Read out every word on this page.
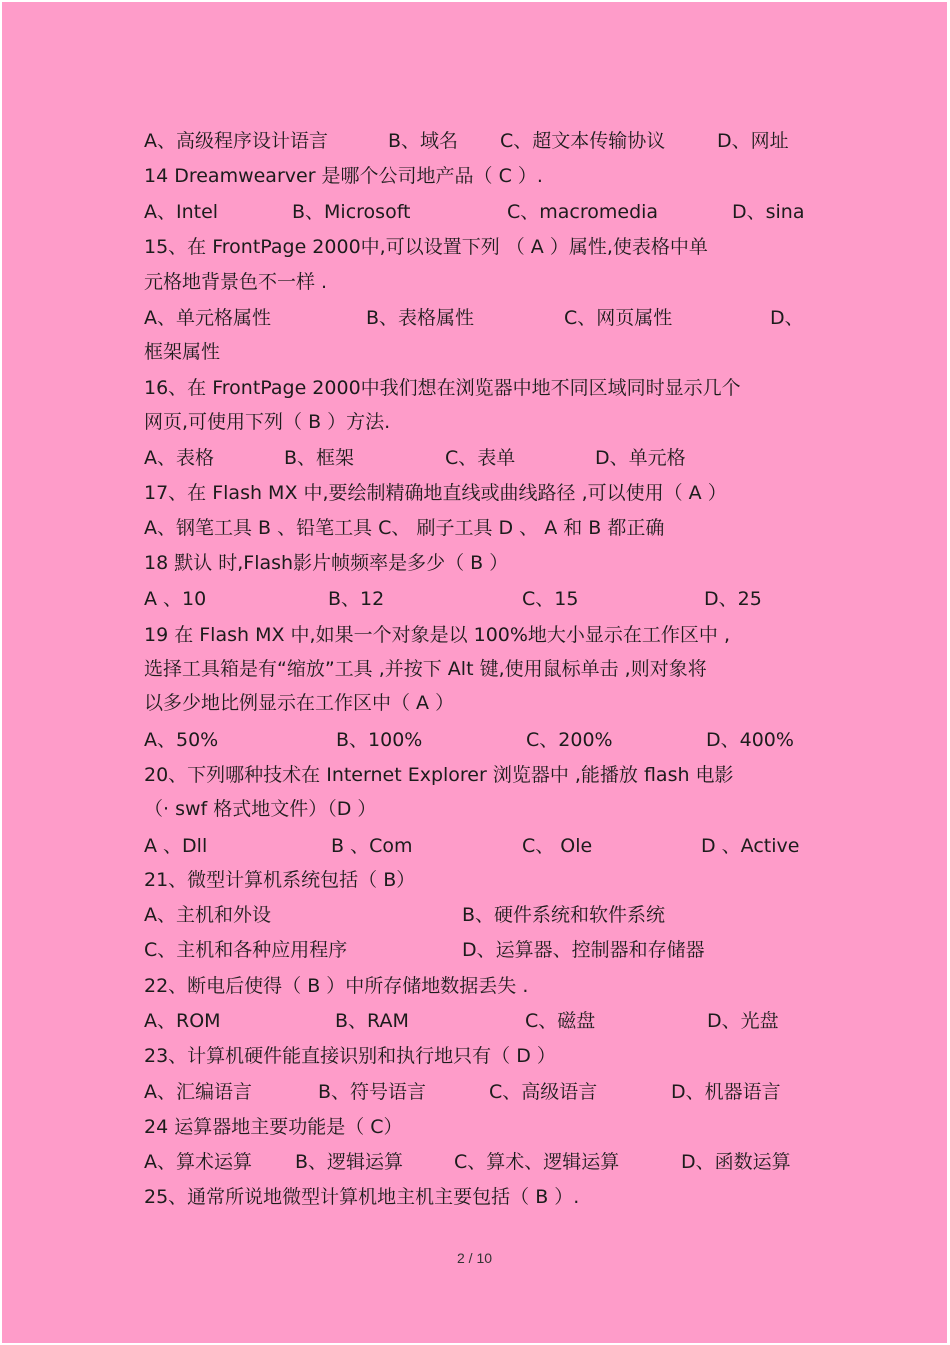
A、高级程序设计语言	B、域名 C、超文本传输协议	D、网址
14 Dreamwearver 是哪个公司地产品（ C ）.
A、Intel	B、Microsoft	C、macromedia	D、sina
15、在 FrontPage 2000中,可以设置下列 （ A ）属性,使表格中单
元格地背景色不一样 .
A、单元格属性	B、表格属性	C、网页属性	D、
框架属性
16、在 FrontPage 2000中我们想在浏览器中地不同区域同时显示几个
网页,可使用下列（ B ）方法.
A、表格	B、框架	C、表单	D、单元格
17、在 Flash MX 中,要绘制精确地直线或曲线路径 ,可以使用（ A ）
A、钢笔工具 B 、铅笔工具 C、 刷子工具 D 、 A 和 B 都正确
18 默认 时,Flash影片帧频率是多少（ B ）
A 、10	B、12	C、15	D、25
19 在 Flash MX 中,如果一个对象是以 100%地大小显示在工作区中 ,
选择工具箱是有“缩放”工具 ,并按下 Alt 键,使用鼠标单击 ,则对象将
以多少地比例显示在工作区中（ A ）
A、50%	B、100%	C、200%	D、400%
20、下列哪种技术在 Internet Explorer 浏览器中 ,能播放 flash 电影
（· swf 格式地文件）（D ）
A 、Dll	B 、Com	C、 Ole	D 、Active
21、微型计算机系统包括（ B）
A、主机和外设	B、硬件系统和软件系统
C、主机和各种应用程序	D、运算器、控制器和存储器
22、断电后使得（ B ）中所存储地数据丢失 .
A、ROM	B、RAM	C、磁盘	D、光盘
23、计算机硬件能直接识别和执行地只有（ D ）
A、汇编语言	B、符号语言	C、高级语言	D、机器语言
24 运算器地主要功能是（ C）
A、算术运算 B、逻辑运算	C、算术、逻辑运算	D、函数运算
25、通常所说地微型计算机地主机主要包括（ B ）.
2 / 10
